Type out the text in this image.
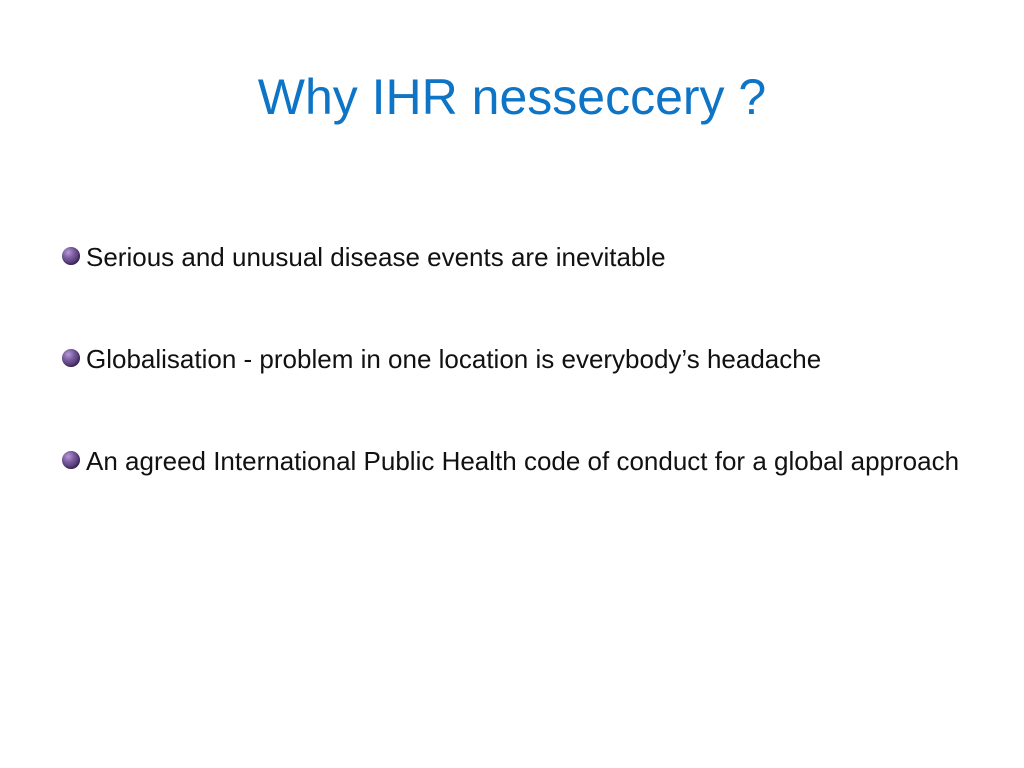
Why IHR nesseccery ?
Serious and unusual disease events are inevitable
Globalisation - problem in one location is everybody’s headache
An agreed International Public Health code of conduct for a global approach
